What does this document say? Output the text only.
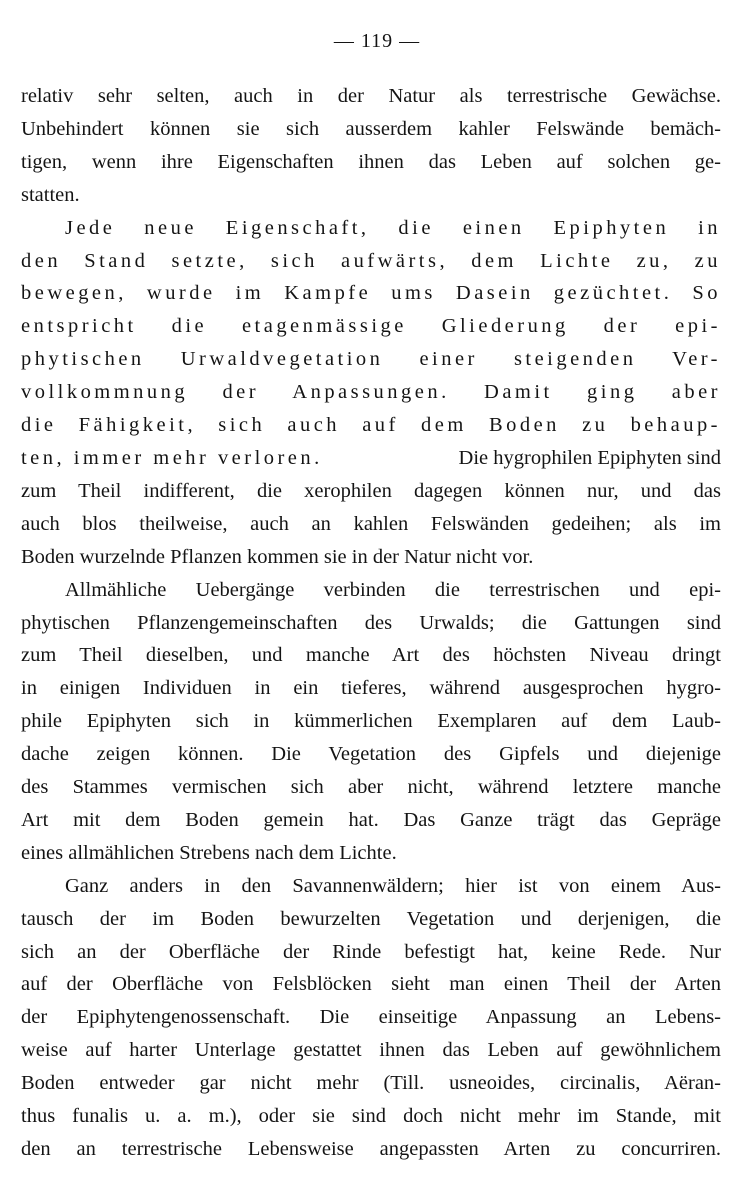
— 119 —
relativ sehr selten, auch in der Natur als terrestrische Gewächse.
Unbehindert können sie sich ausserdem kahler Felswände bemäch-
tigen, wenn ihre Eigenschaften ihnen das Leben auf solchen ge-
statten.
Jede neue Eigenschaft, die einen Epiphyten in
den Stand setzte, sich aufwärts, dem Lichte zu, zu
bewegen, wurde im Kampfe ums Dasein gezüchtet. So
entspricht die etagenmässige Gliederung der epi-
phytischen Urwaldvegetation einer steigenden Ver-
vollkommnung der Anpassungen. Damit ging aber
die Fähigkeit, sich auch auf dem Boden zu behaup-
ten, immer mehr verloren.	Die hygrophilen Epiphyten sind
zum Theil indifferent, die xerophilen dagegen können nur, und das
auch blos theilweise, auch an kahlen Felswänden gedeihen; als im
Boden wurzelnde Pflanzen kommen sie in der Natur nicht vor.
Allmähliche Uebergänge verbinden die terrestrischen und epi-
phytischen Pflanzengemeinschaften des Urwalds; die Gattungen sind
zum Theil dieselben, und manche Art des höchsten Niveau dringt
in einigen Individuen in ein tieferes, während ausgesprochen hygro-
phile Epiphyten sich in kümmerlichen Exemplaren auf dem Laub-
dache zeigen können. Die Vegetation des Gipfels und diejenige
des Stammes vermischen sich aber nicht, während letztere manche
Art mit dem Boden gemein hat. Das Ganze trägt das Gepräge
eines allmählichen Strebens nach dem Lichte.
Ganz anders in den Savannenwäldern; hier ist von einem Aus-
tausch der im Boden bewurzelten Vegetation und derjenigen, die
sich an der Oberfläche der Rinde befestigt hat, keine Rede. Nur
auf der Oberfläche von Felsblöcken sieht man einen Theil der Arten
der Epiphytengenossenschaft. Die einseitige Anpassung an Lebens-
weise auf harter Unterlage gestattet ihnen das Leben auf gewöhnlichem
Boden entweder gar nicht mehr (Till. usneoides, circinalis, Aëran-
thus funalis u. a. m.), oder sie sind doch nicht mehr im Stande, mit
den an terrestrische Lebensweise angepassten Arten zu concurriren.
